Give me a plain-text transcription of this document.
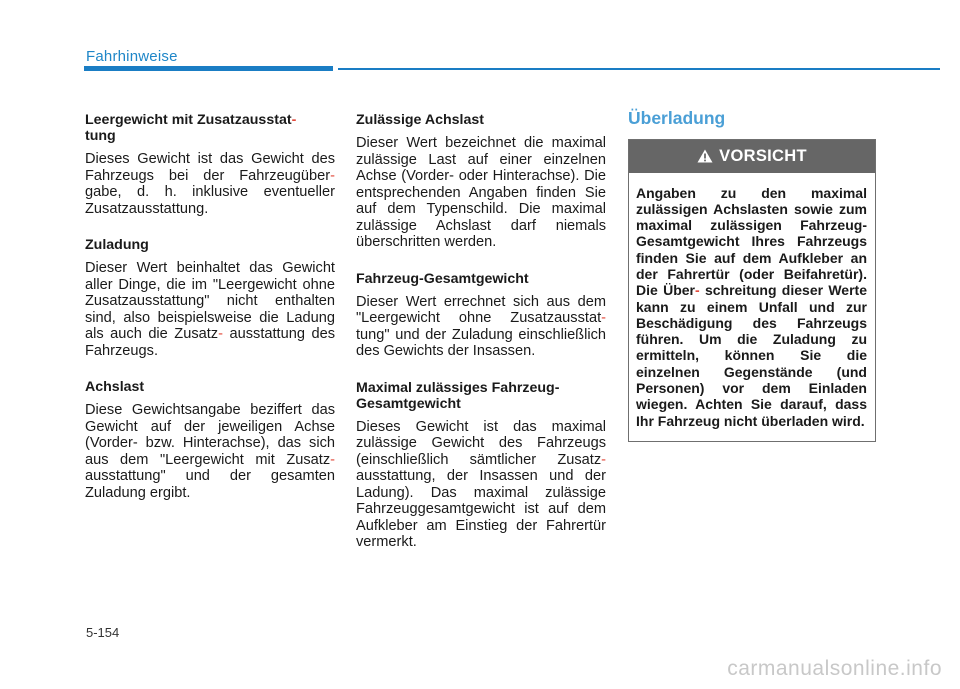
Fahrhinweise
Leergewicht mit Zusatzausstat-
tung

Dieses Gewicht ist das Gewicht des Fahrzeugs bei der Fahrzeugüber- gabe, d. h. inklusive eventueller Zusatzausstattung.

Zuladung

Dieser Wert beinhaltet das Gewicht aller Dinge, die im "Leergewicht ohne Zusatzausstattung" nicht enthalten sind, also beispielsweise die Ladung als auch die Zusatz- ausstattung des Fahrzeugs.

Achslast

Diese Gewichtsangabe beziffert das Gewicht auf der jeweiligen Achse (Vorder- bzw. Hinterachse), das sich aus dem "Leergewicht mit Zusatz- ausstattung" und der gesamten Zuladung ergibt.

Zulässige Achslast

Dieser Wert bezeichnet die maximal zulässige Last auf einer einzelnen Achse (Vorder- oder Hinterachse). Die entsprechenden Angaben finden Sie auf dem Typenschild. Die maximal zulässige Achslast darf niemals überschritten werden.

Fahrzeug-Gesamtgewicht

Dieser Wert errechnet sich aus dem "Leergewicht ohne Zusatzausstat- tung" und der Zuladung einschließlich des Gewichts der Insassen.

Maximal zulässiges Fahrzeug-Gesamtgewicht

Dieses Gewicht ist das maximal zulässige Gewicht des Fahrzeugs (einschließlich sämtlicher Zusatz- ausstattung, der Insassen und der Ladung). Das maximal zulässige Fahrzeuggesamtgewicht ist auf dem Aufkleber am Einstieg der Fahrertür vermerkt.

Überladung
VORSICHT
Angaben zu den maximal zulässigen Achslasten sowie zum maximal zulässigen Fahrzeug- Gesamtgewicht Ihres Fahrzeugs finden Sie auf dem Aufkleber an der Fahrertür (oder Beifahretür). Die Über- schreitung dieser Werte kann zu einem Unfall und zur Beschädigung des Fahrzeugs führen. Um die Zuladung zu ermitteln, können Sie die einzelnen Gegenstände (und Personen) vor dem Einladen wiegen. Achten Sie darauf, dass Ihr Fahrzeug nicht überladen wird.
5-154
carmanualsonline.info
